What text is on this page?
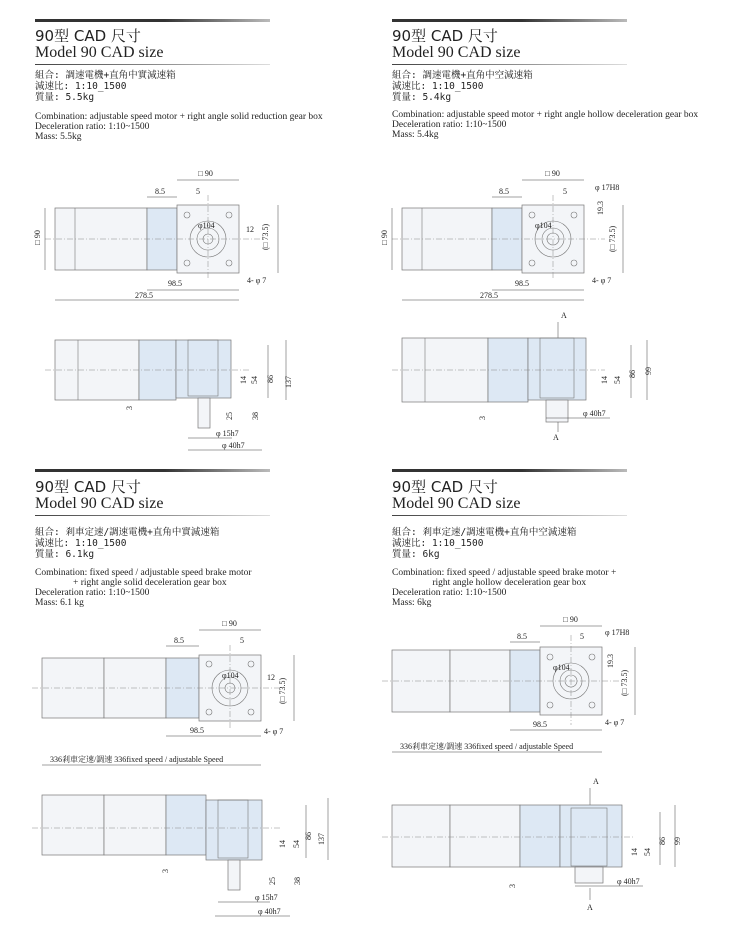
90型 CAD 尺寸
Model 90 CAD size
組合: 調速電機+直角中實減速箱
減速比: 1:10_1500
質量: 5.5kg
Combination: adjustable speed motor + right angle solid reduction gear box
Deceleration ratio: 1:10~1500
Mass: 5.5kg
□ 90
8.5	5
12 (□ 73.5)
φ104
□ 90
98.5
278.5
4- φ 7
137
86
54
14
3
25 38
φ 15h7
φ 40h7
90型 CAD 尺寸
Model 90 CAD size
組合: 調速電機+直角中空減速箱
減速比: 1:10_1500
質量: 5.4kg
Combination: adjustable speed motor + right angle hollow deceleration gear box
Deceleration ratio: 1:10~1500
Mass: 5.4kg
□ 90
8.5	5	φ 17H8
19.3
(□ 73.5)
φ104
□ 90
98.5
278.5
4- φ 7
A
99
86
54
14
3	φ 40h7
A
90型 CAD 尺寸
Model 90 CAD size
組合: 剎車定速/調速電機+直角中實減速箱
減速比: 1:10_1500
質量: 6.1kg
Combination: fixed speed / adjustable speed brake motor
+ right angle solid deceleration gear box
Deceleration ratio: 1:10~1500
Mass: 6.1 kg
□ 90
8.5	5
12
(□ 73.5)
φ104
98.5	4- φ 7
336剎車定速/調速 336fixed speed / adjustable Speed
137
86
54
14
3
25 38
φ 15h7
φ 40h7
90型 CAD 尺寸
Model 90 CAD size
組合: 剎車定速/調速電機+直角中空減速箱
減速比: 1:10_1500
質量: 6kg
Combination: fixed speed / adjustable speed brake motor +
right angle hollow deceleration gear box
Deceleration ratio: 1:10~1500
Mass: 6kg
□ 90
8.5	5	φ 17H8
19.3
(□ 73.5)
φ104
98.5	4- φ 7
336剎車定速/調速 336fixed speed / adjustable Speed
A
99
86
54
14
3	φ 40h7
A
